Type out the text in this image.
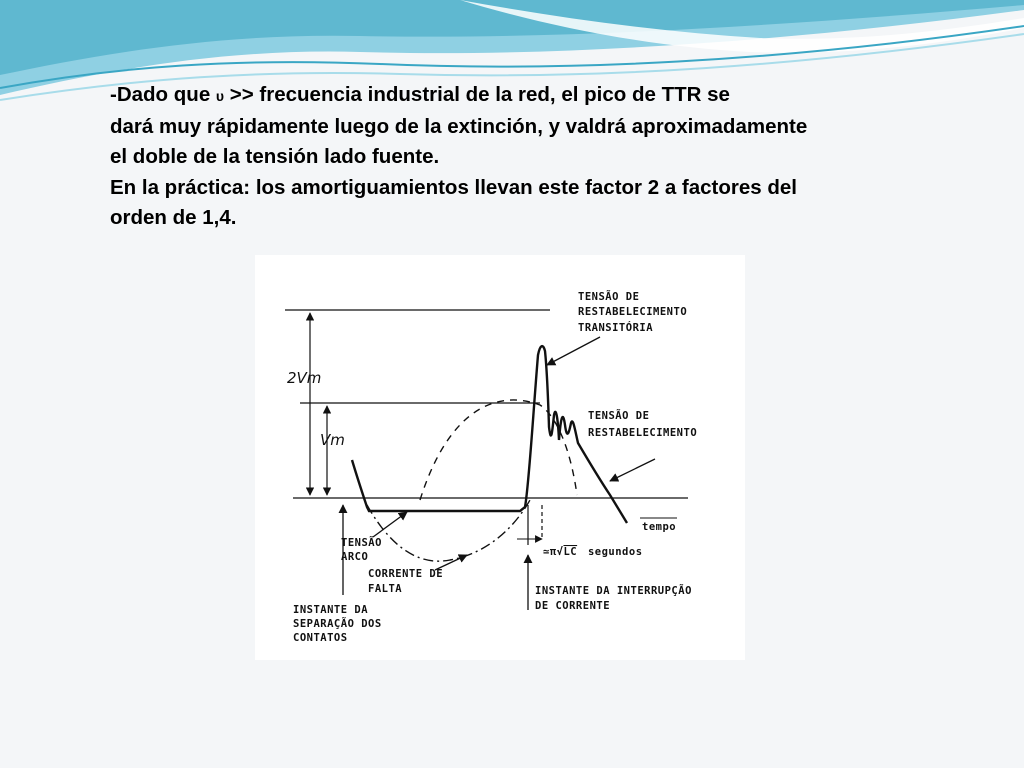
-Dado que υ >> frecuencia industrial de la red, el pico de TTR se
dará muy rápidamente luego de la extinción, y valdrá aproximadamente
el doble de la tensión lado fuente.
En la práctica: los amortiguamientos llevan este factor 2 a factores del
orden de 1,4.
2Vm
Vm
TENSÃO DE
RESTABELECIMENTO
TRANSITÓRIA
TENSÃO DE
RESTABELECIMENTO
tempo
≃π√LC segundos
TENSÃO
ARCO
CORRENTE DE
FALTA
INSTANTE DA
SEPARAÇÃO DOS
CONTATOS
INSTANTE DA INTERRUPÇÃO
DE CORRENTE
